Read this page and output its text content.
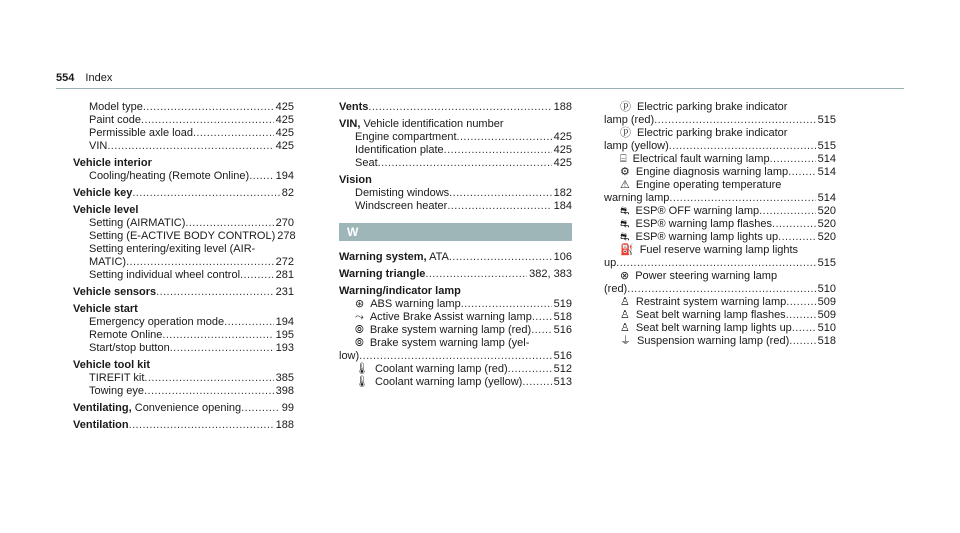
554 Index
Model type .....	425
Paint code .....	425
Permissible axle load .....	425
VIN .....	425
Vehicle interior
Cooling/heating (Remote Online) ..... 194
Vehicle key .....	82
Vehicle level
Setting (AIRMATIC) .....	270
Setting (E-ACTIVE BODY CONTROL) 278
Setting entering/exiting level (AIR-
MATIC) .....	272
Setting individual wheel control .....	281
Vehicle sensors .....	231
Vehicle start
Emergency operation mode .....	194
Remote Online .....	195
Start/stop button .....	193
Vehicle tool kit
TIREFIT kit .....	385
Towing eye .....	398
Ventilating, Convenience opening .....	99
Ventilation .....	188
Vents .....	188
VIN, Vehicle identification number
Engine compartment .....	425
Identification plate .....	425
Seat .....	425
Vision
Demisting windows .....	182
Windscreen heater .....	184
W
Warning system, ATA .....	106
Warning triangle .....	382, 383
Warning/indicator lamp
⊛ ABS warning lamp .....	519
⤳ Active Brake Assist warning lamp ..... 518
⦾ Brake system warning lamp (red) ..... 516
⦾ Brake system warning lamp (yel-
low) .....	516
🌡 Coolant warning lamp (red) .....	512
🌡 Coolant warning lamp (yellow) .....	513
ⓟ Electric parking brake indicator
lamp (red) .....	515
ⓟ Electric parking brake indicator
lamp (yellow) .....	515
⌸ Electrical fault warning lamp .....	514
⚙ Engine diagnosis warning lamp .....	514
⚠ Engine operating temperature
warning lamp .....	514
⛐ ESP® OFF warning lamp .....	520
⛐ ESP® warning lamp flashes .....	520
⛐ ESP® warning lamp lights up .....	520
⛽ Fuel reserve warning lamp lights
up .....	515
⊗ Power steering warning lamp
(red) .....	510
♙ Restraint system warning lamp .....	509
♙ Seat belt warning lamp flashes .....	509
♙ Seat belt warning lamp lights up ..... 510
⏚ Suspension warning lamp (red) .....	518
